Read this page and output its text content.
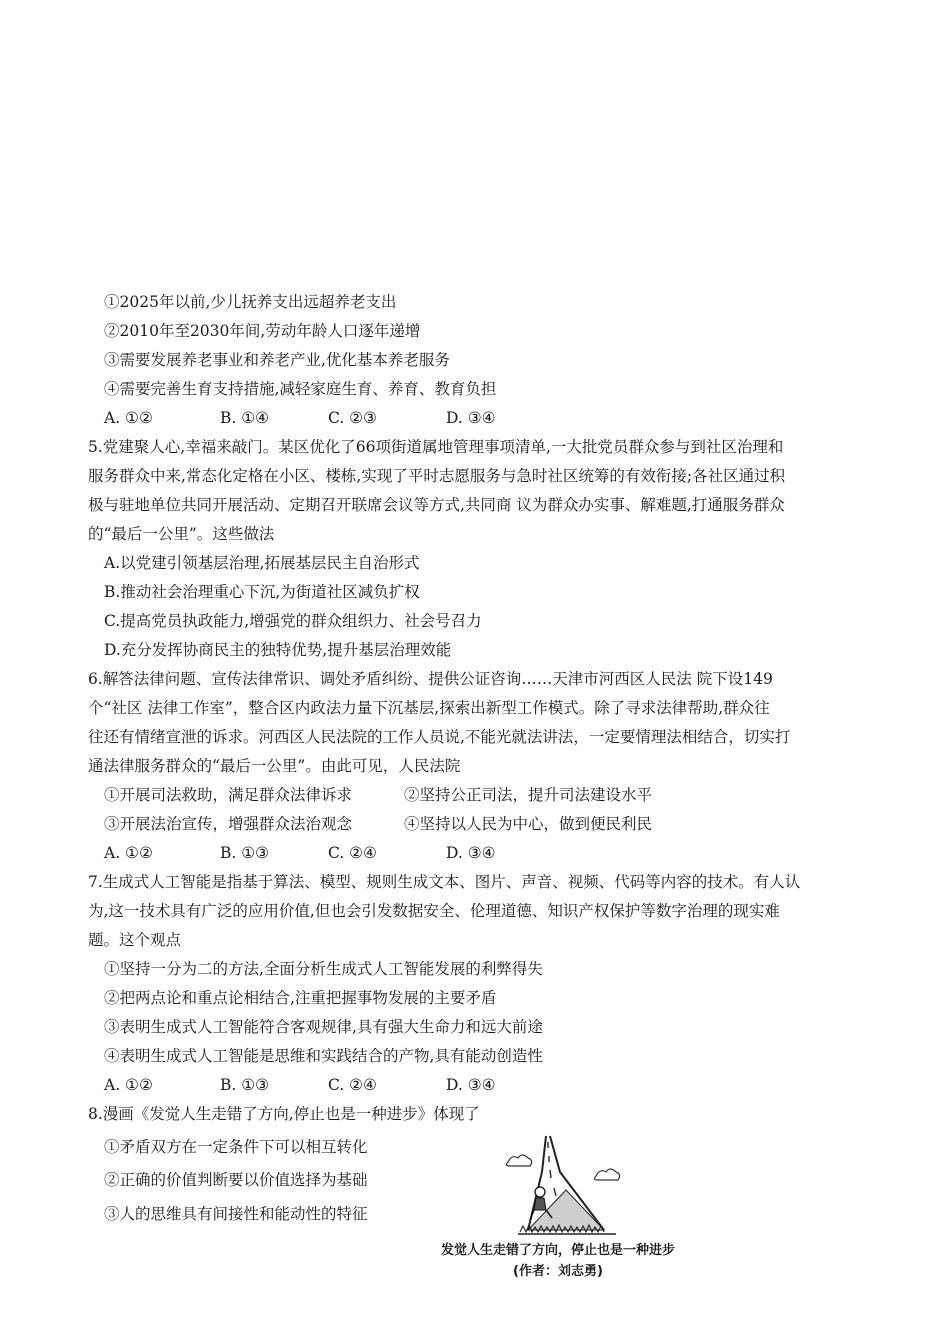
①2025年以前,少儿抚养支出远超养老支出
②2010年至2030年间,劳动年龄人口逐年递增
③需要发展养老事业和养老产业,优化基本养老服务
④需要完善生育支持措施,减轻家庭生育、养育、教育负担
A. ①②	B. ①④	C. ②③	D. ③④
5.党建聚人心,幸福来敲门。某区优化了66项街道属地管理事项清单,一大批党员群众参与到社区治理和
服务群众中来,常态化定格在小区、楼栋,实现了平时志愿服务与急时社区统筹的有效衔接;各社区通过积
极与驻地单位共同开展活动、定期召开联席会议等方式,共同商 议为群众办实事、解难题,打通服务群众
的“最后一公里”。这些做法
A.以党建引领基层治理,拓展基层民主自治形式
B.推动社会治理重心下沉,为街道社区减负扩权
C.提高党员执政能力,增强党的群众组织力、社会号召力
D.充分发挥协商民主的独特优势,提升基层治理效能
6.解答法律问题、宣传法律常识、调处矛盾纠纷、提供公证咨询……天津市河西区人民法 院下设149
个“社区 法律工作室”，整合区内政法力量下沉基层,探索出新型工作模式。除了寻求法律帮助,群众往
往还有情绪宣泄的诉求。河西区人民法院的工作人员说,不能光就法讲法，一定要情理法相结合，切实打
通法律服务群众的“最后一公里”。由此可见，人民法院
①开展司法救助，满足群众法律诉求	②坚持公正司法，提升司法建设水平
③开展法治宣传，增强群众法治观念	④坚持以人民为中心，做到便民利民
A. ①②	B. ①③	C. ②④	D. ③④
7.生成式人工智能是指基于算法、模型、规则生成文本、图片、声音、视频、代码等内容的技术。有人认
为,这一技术具有广泛的应用价值,但也会引发数据安全、伦理道德、知识产权保护等数字治理的现实难
题。这个观点
①坚持一分为二的方法,全面分析生成式人工智能发展的利弊得失
②把两点论和重点论相结合,注重把握事物发展的主要矛盾
③表明生成式人工智能符合客观规律,具有强大生命力和远大前途
④表明生成式人工智能是思维和实践结合的产物,具有能动创造性
A. ①②	B. ①③	C. ②④	D. ③④
8.漫画《发觉人生走错了方向,停止也是一种进步》体现了
①矛盾双方在一定条件下可以相互转化
②正确的价值判断要以价值选择为基础
③人的思维具有间接性和能动性的特征
发觉人生走错了方向，停止也是一种进步
(作者：刘志勇)
